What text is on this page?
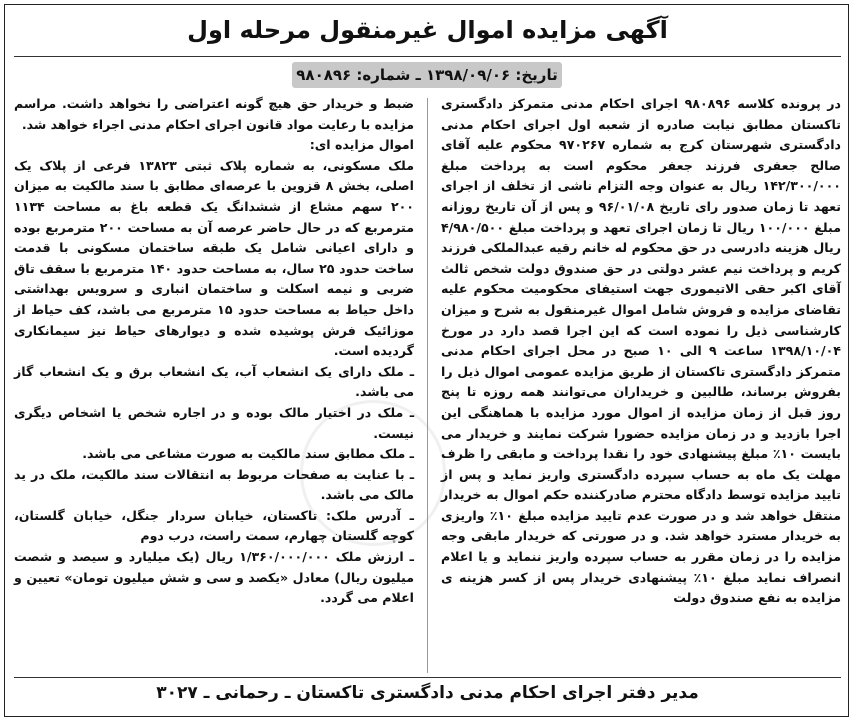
آگهی مزایده اموال غیرمنقول مرحله اول
تاریخ: ۱۳۹۸/۰۹/۰۶ ـ شماره: ۹۸۰۸۹۶

در پرونده کلاسه ۹۸۰۸۹۶ اجرای احکام مدنی متمرکز دادگستری تاکستان مطابق نیابت صادره از شعبه اول اجرای احکام مدنی دادگستری شهرستان کرج به شماره ۹۷۰۲۶۷ محکوم علیه آقای صالح جعفری فرزند جعفر محکوم است به پرداخت مبلغ ۱۴۲/۳۰۰/۰۰۰ ریال به عنوان وجه التزام ناشی از تخلف از اجرای تعهد تا زمان صدور رای تاریخ ۹۶/۰۱/۰۸ و پس از آن تاریخ روزانه مبلغ ۱۰۰/۰۰۰ ریال تا زمان اجرای تعهد و پرداخت مبلغ ۴/۹۸۰/۵۰۰ ریال هزینه دادرسی در حق محکوم له خانم رقیه عبدالملکی فرزند کریم و پرداخت نیم عشر دولتی در حق صندوق دولت شخص ثالث آقای اکبر حقی الاتیموری جهت استیفای محکومیت محکوم علیه تقاضای مزایده و فروش شامل اموال غیرمنقول به شرح و میزان کارشناسی ذیل را نموده است که این اجرا قصد دارد در مورخ ۱۳۹۸/۱۰/۰۴ ساعت ۹ الی ۱۰ صبح در محل اجرای احکام مدنی متمرکز دادگستری تاکستان از طریق مزایده عمومی اموال ذیل را بفروش برساند، طالبین و خریداران می‌توانند همه روزه تا پنج روز قبل از زمان مزایده از اموال مورد مزایده با هماهنگی این اجرا بازدید و در زمان مزایده حضورا شرکت نمایند و خریدار می بایست ۱۰٪ مبلغ پیشنهادی خود را نقدا پرداخت و مابقی را ظرف مهلت یک ماه به حساب سپرده دادگستری واریز نماید و پس از تایید مزایده توسط دادگاه محترم صادرکننده حکم اموال به خریدار منتقل خواهد شد و در صورت عدم تایید مزایده مبلغ ۱۰٪ واریزی به خریدار مسترد خواهد شد. و در صورتی که خریدار مابقی وجه مزایده را در زمان مقرر به حساب سپرده واریز ننماید و یا اعلام انصراف نماید مبلغ ۱۰٪ پیشنهادی خریدار پس از کسر هزینه ی مزایده به نفع صندوق دولت

ضبط و خریدار حق هیچ گونه اعتراضی را نخواهد داشت. مراسم مزایده با رعایت مواد قانون اجرای احکام مدنی اجراء خواهد شد.

اموال مزایده ای:

ملک مسکونی، به شماره پلاک ثبتی ۱۳۸۲۳ فرعی از پلاک یک اصلی، بخش ۸ قزوین با عرصه‌ای مطابق با سند مالکیت به میزان ۲۰۰ سهم مشاع از ششدانگ یک قطعه باغ به مساحت ۱۱۳۴ مترمربع که در حال حاضر عرصه آن به مساحت ۲۰۰ مترمربع بوده و دارای اعیانی شامل یک طبقه ساختمان مسکونی با قدمت ساخت حدود ۲۵ سال، به مساحت حدود ۱۴۰ مترمربع با سقف تاق ضربی و نیمه اسکلت و ساختمان انباری و سرویس بهداشتی داخل حیاط به مساحت حدود ۱۵ مترمربع می باشد، کف حیاط از موزائیک فرش پوشیده شده و دیوارهای حیاط نیز سیمانکاری گردیده است.

ـ ملک دارای یک انشعاب آب، یک انشعاب برق و یک انشعاب گاز می باشد.

ـ ملک در اختیار مالک بوده و در اجاره شخص یا اشخاص دیگری نیست.

ـ ملک مطابق سند مالکیت به صورت مشاعی می باشد.

ـ با عنایت به صفحات مربوط به انتقالات سند مالکیت، ملک در ید مالک می باشد.

ـ آدرس ملک: تاکستان، خیابان سردار جنگل، خیابان گلستان، کوچه گلستان چهارم، سمت راست، درب دوم

ـ ارزش ملک ۱/۳۶۰/۰۰۰/۰۰۰ ریال (یک میلیارد و سیصد و شصت میلیون ریال) معادل «یکصد و سی و شش میلیون تومان» تعیین و اعلام می گردد.

مدیر دفتر اجرای احکام مدنی دادگستری تاکستان ـ رحمانی ـ ۳۰۲۷
